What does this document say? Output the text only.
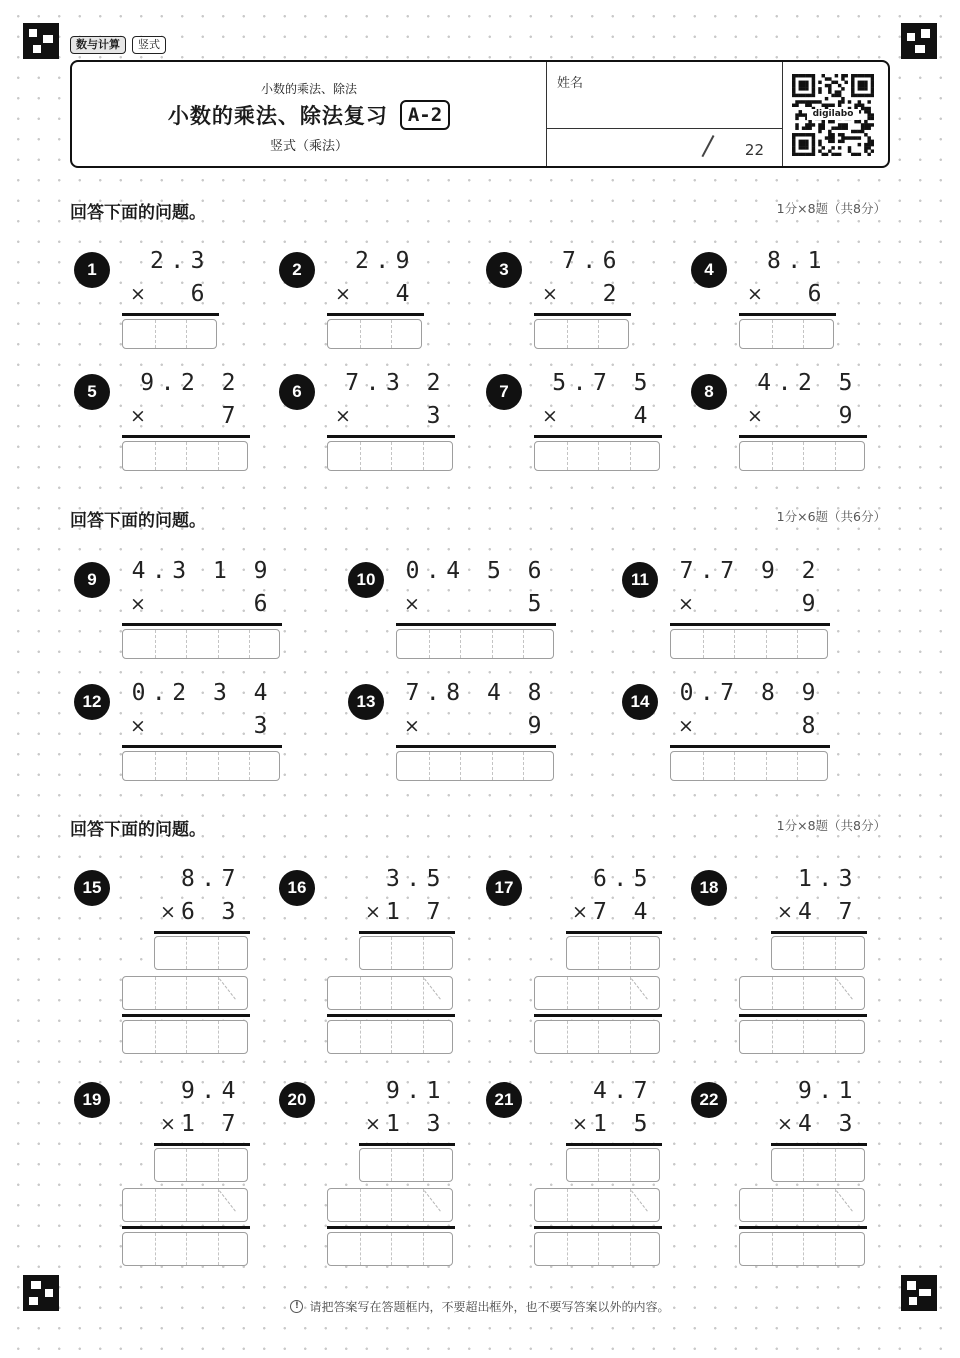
数与计算	竖式
小数的乘法、除法
小数的乘法、除法复习	A-2
竖式（乘法）
姓名
22
digilabo
回答下面的问题。	1分×8题（共8分）
回答下面的问题。	1分×6题（共6分）
回答下面的问题。	1分×8题（共8分）
1	2.3
6
×
2	2.9
4
×
3	7.6
2
×
4	8.1
6
×
5	9.2 2
7
×
6	7.3 2
3
×
7	5.7 5
4
×
8	4.2 5
9
×
9	4.3 1 9
6
×
10	0.4 5 6
5
×
11	7.7 9 2
9
×
12	0.2 3 4
3
×
13	7.8 4 8
9
×
14	0.7 8 9
8
×
15	8.7
6 3
×
16	3.5
1 7
×
17	6.5
7 4
×
18	1.3
4 7
×
19	9.4
1 7
×
20	9.1
1 3
×
21	4.7
1 5
×
22	9.1
4 3
×
! 请把答案写在答题框内，不要超出框外，也不要写答案以外的内容。
